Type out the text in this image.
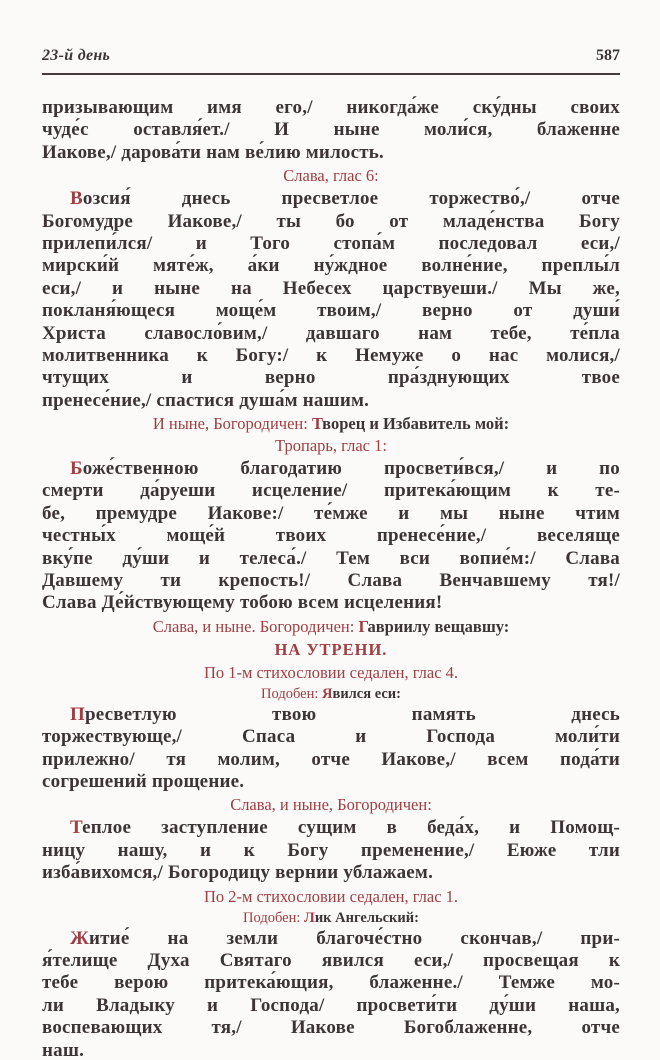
23-й день	587
призывающим имя его,/ никогда́же ску́дны своих
чуде́с оставля́ет./ И ныне моли́ся, блаженне
Иакове,/ дарова́ти нам ве́лию милость.
Слава, глас 6:
Возсия́ днесь пресветлое торжество́,/ отче
Богомудре Иакове,/ ты бо от младе́нства Богу
прилепи́лся/ и Того стопа́м последовал еси,/
мирски́й мяте́ж, а́ки ну́ждное волне́ние, преплы́л
еси,/ и ныне на Небесех царствуеши./ Мы же,
покланя́ющеся моще́м твоим,/ верно от души́
Христа славосло́вим,/ давшаго нам тебе, те́пла
молитвенника к Богу:/ к Немуже о нас молися,/
чтущих и верно пра́зднующих твое
пренесе́ние,/ спастися душа́м нашим.
И ныне, Богородичен: Творец и Избавитель мой:
Тропарь, глас 1:
Боже́ственною благодатию просвети́вся,/ и по
смерти да́руеши исцеление/ притека́ющим к те-
бе, премудре Иакове:/ те́мже и мы ныне чтим
честны́х моще́й твоих пренесе́ние,/ веселяще
вку́пе ду́ши и телеса́./ Тем вси вопие́м:/ Слава
Давшему ти крепость!/ Слава Венчавшему тя!/
Слава Де́йствующему тобою всем исцеления!
Слава, и ныне. Богородичен: Гавриилу вещавшу:
НА УТРЕНИ.
По 1-м стихословии седален, глас 4.
Подобен: Явился еси:
Пресветлую твою память днесь
торжествующе,/ Спаса и Господа моли́ти
прилежно/ тя молим, отче Иакове,/ всем пода́ти
согрешений прощение.
Слава, и ныне, Богородичен:
Теплое заступление сущим в беда́х, и Помощ-
ницу нашу, и к Богу пременение,/ Еюже тли
изба́вихомся,/ Богородицу вернии ублажаем.
По 2-м стихословии седален, глас 1.
Подобен: Лик Ангельский:
Житие́ на земли благоче́стно скончав,/ при-
я́телище Духа Святаго явился еси,/ просвещая к
тебе верою притека́ющия, блаженне./ Темже мо-
ли Владыку и Господа/ просвети́ти ду́ши наша,
воспевающих тя,/ Иакове Богоблаженне, отче
наш.
